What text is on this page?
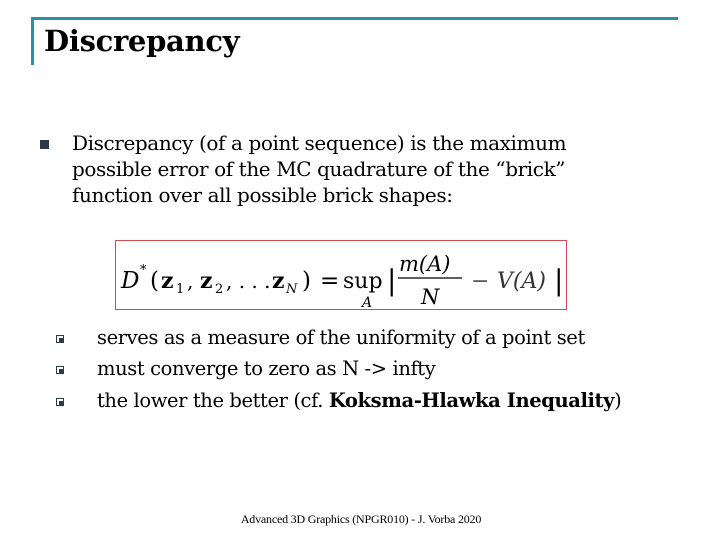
Discrepancy
Discrepancy (of a point sequence) is the maximum possible error of the MC quadrature of the “brick” function over all possible brick shapes:
D * ( z 1 , z 2 , . . . z N ) = sup
A
| m(A)
N
− V(A) |
serves as a measure of the uniformity of a point set
must converge to zero as N -> infty
the lower the better (cf. Koksma-Hlawka Inequality)
Advanced 3D Graphics (NPGR010) - J. Vorba 2020
